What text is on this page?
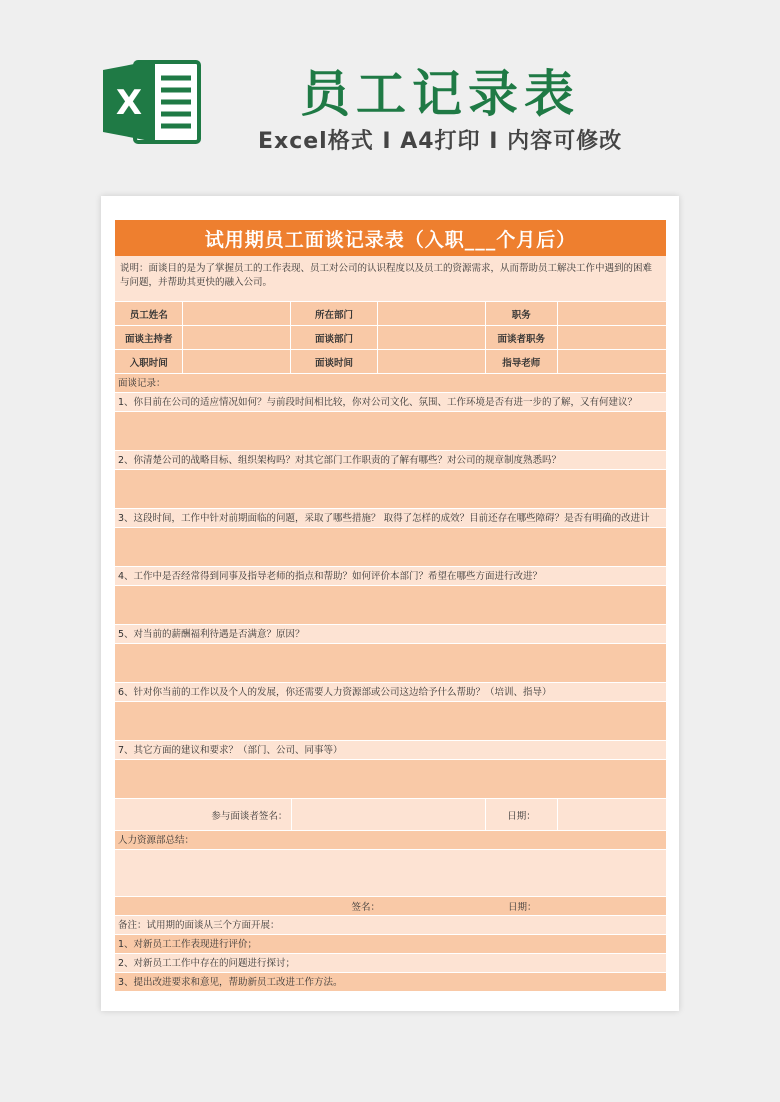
X	员工记录表
Excel格式 I A4打印 I 内容可修改
试用期员工面谈记录表（入职___个月后）
说明：面谈目的是为了掌握员工的工作表现、员工对公司的认识程度以及员工的资源需求，从而帮助员工解决工作中遇到的困难与问题，并帮助其更快的融入公司。
员工姓名	所在部门	职务
面谈主持者	面谈部门	面谈者职务
入职时间	面谈时间	指导老师
面谈记录：
1、你目前在公司的适应情况如何？与前段时间相比较，你对公司文化、氛围、工作环境是否有进一步的了解，又有何建议？
2、你清楚公司的战略目标、组织架构吗？对其它部门工作职责的了解有哪些？对公司的规章制度熟悉吗？
3、这段时间，工作中针对前期面临的问题，采取了哪些措施？ 取得了怎样的成效？目前还存在哪些障碍？是否有明确的改进计
4、工作中是否经常得到同事及指导老师的指点和帮助？如何评价本部门？希望在哪些方面进行改进？
5、对当前的薪酬福利待遇是否满意？原因？
6、针对你当前的工作以及个人的发展，你还需要人力资源部或公司这边给予什么帮助？（培训、指导）
7、其它方面的建议和要求？（部门、公司、同事等）
参与面谈者签名：	日期：
人力资源部总结：
签名：	日期：
备注：试用期的面谈从三个方面开展：
1、对新员工工作表现进行评价；
2、对新员工工作中存在的问题进行探讨；
3、提出改进要求和意见，帮助新员工改进工作方法。
